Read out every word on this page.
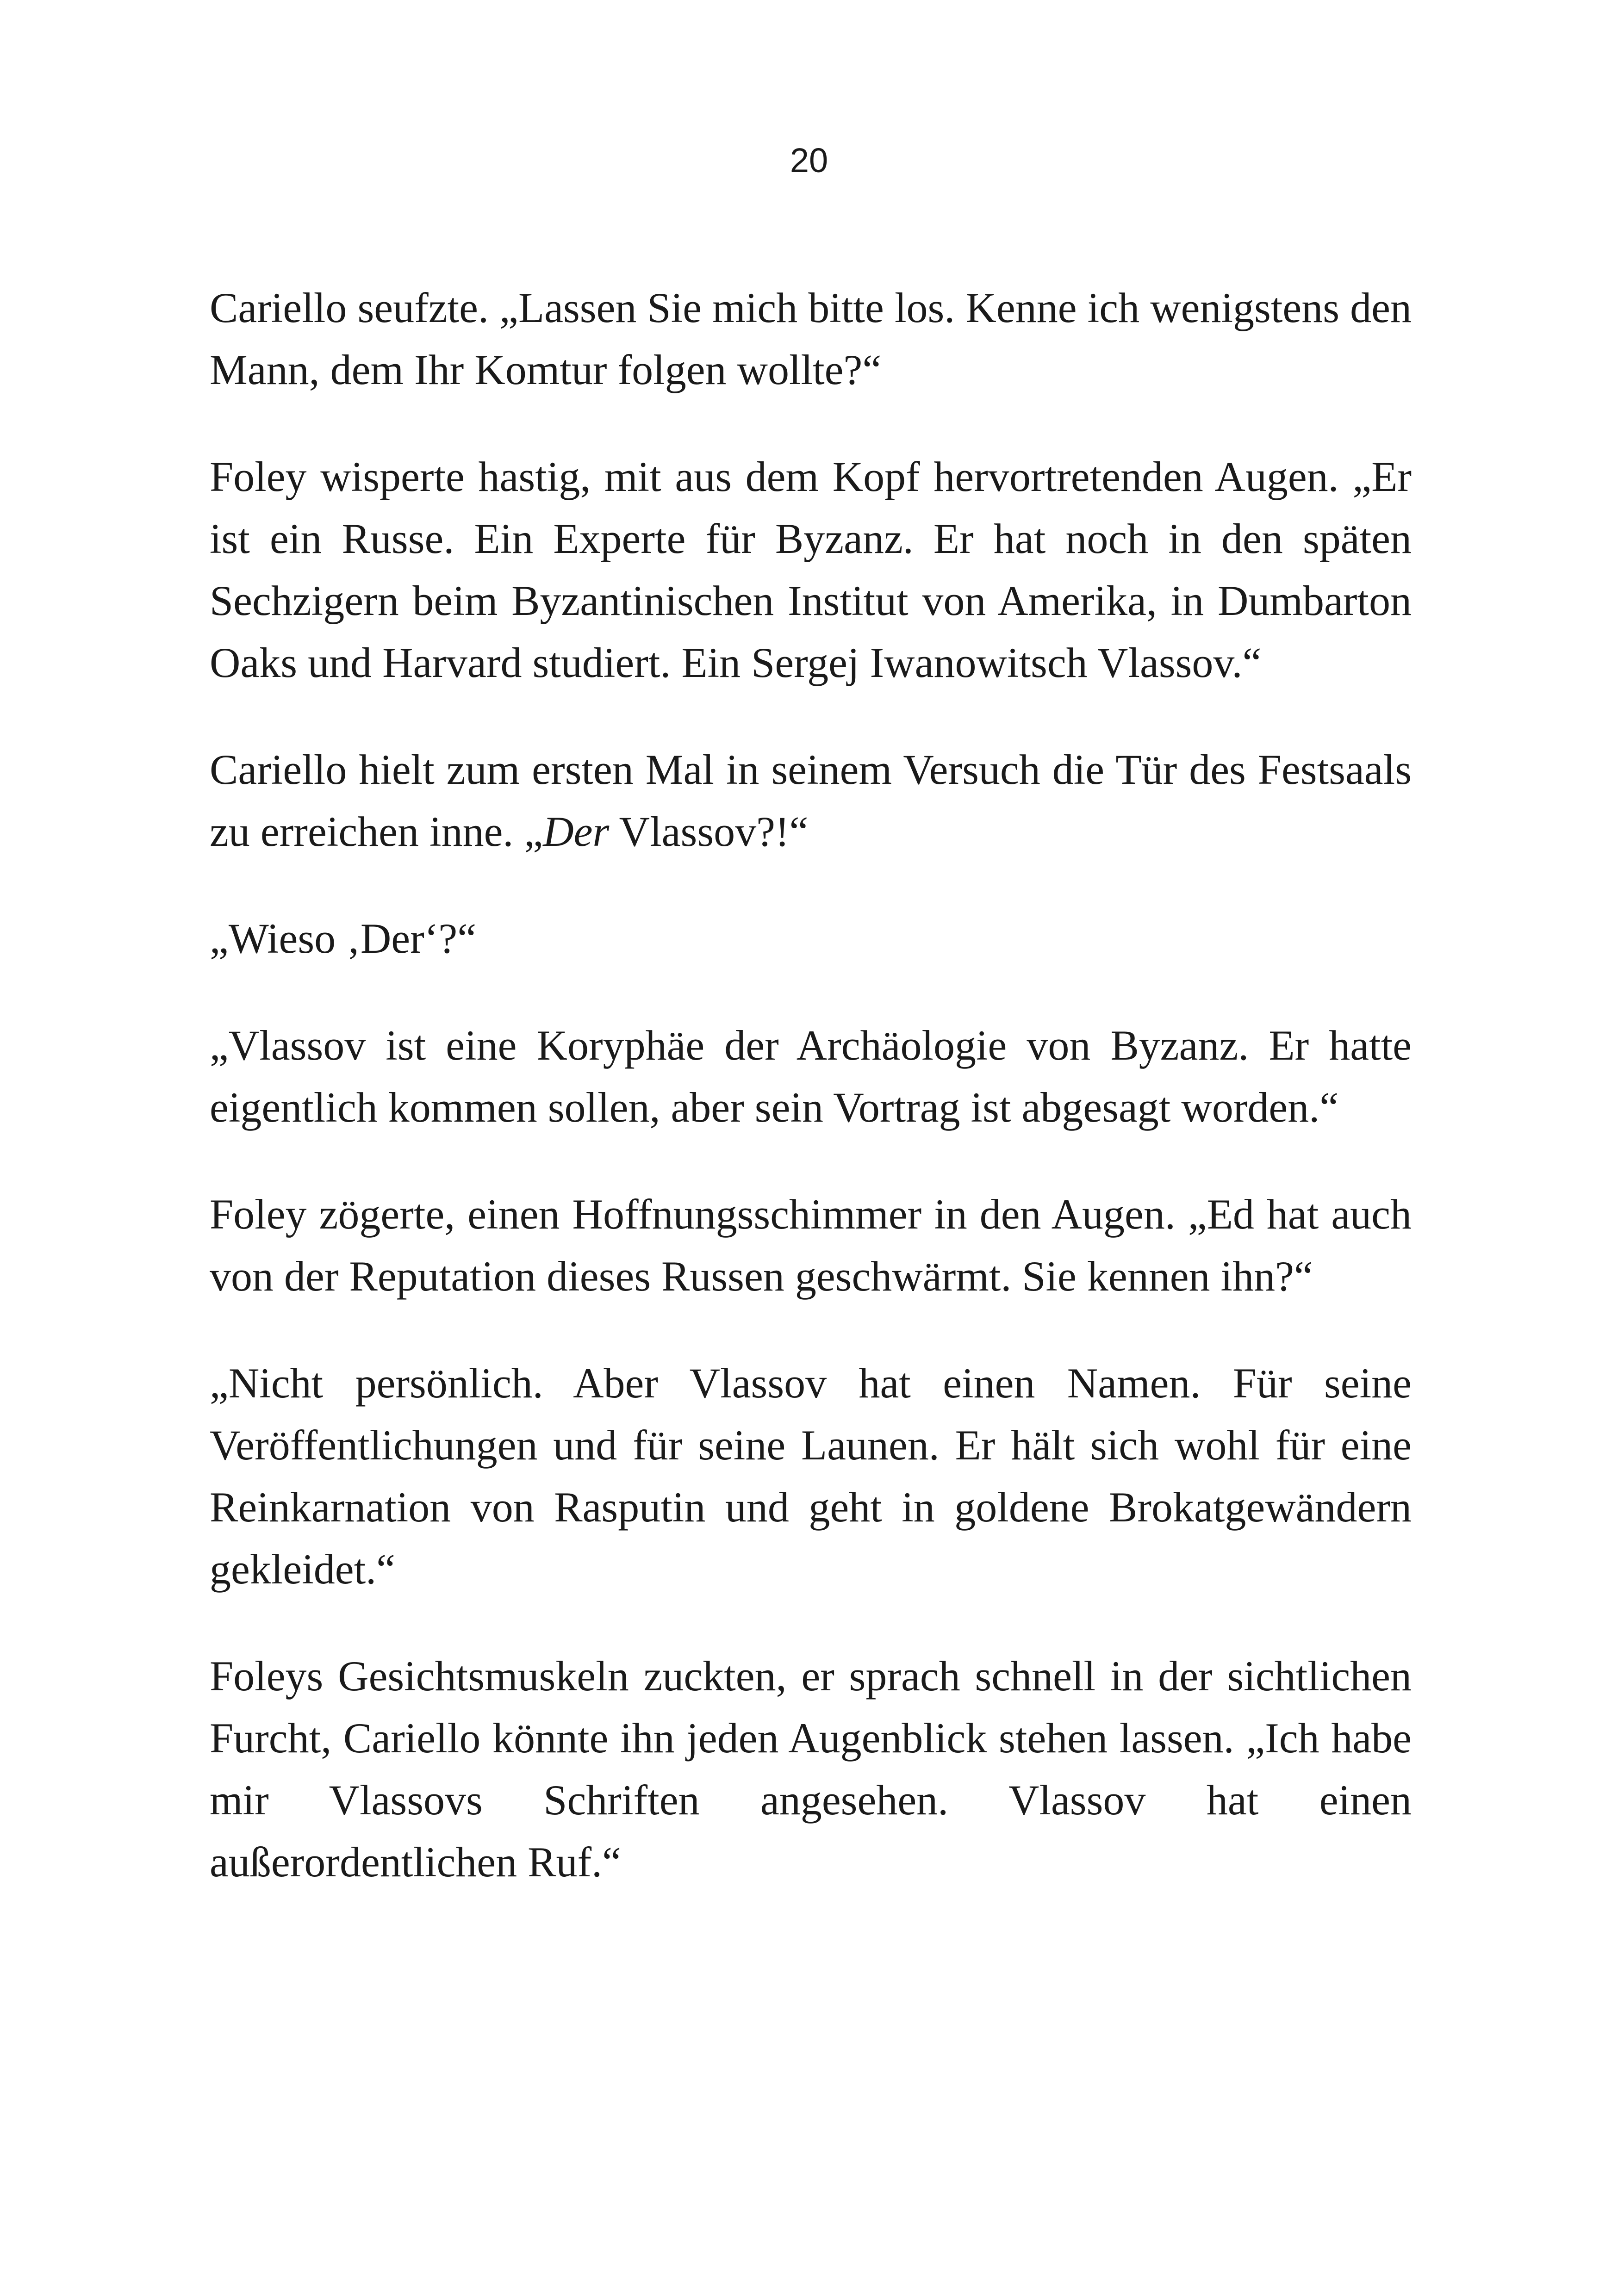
20

Cariello seufzte. „Lassen Sie mich bitte los. Kenne ich wenigstens den Mann, dem Ihr Komtur folgen wollte?“

Foley wisperte hastig, mit aus dem Kopf hervortretenden Augen. „Er ist ein Russe. Ein Experte für Byzanz. Er hat noch in den späten Sechzigern beim Byzantinischen Institut von Amerika, in Dumbarton Oaks und Harvard studiert. Ein Sergej Iwanowitsch Vlassov.“

Cariello hielt zum ersten Mal in seinem Versuch die Tür des Festsaals zu erreichen inne. „Der Vlassov?!“

„Wieso ‚Der‘?“

„Vlassov ist eine Koryphäe der Archäologie von Byzanz. Er hatte eigentlich kommen sollen, aber sein Vortrag ist abgesagt worden.“

Foley zögerte, einen Hoffnungsschimmer in den Augen. „Ed hat auch von der Reputation dieses Russen geschwärmt. Sie kennen ihn?“

„Nicht persönlich. Aber Vlassov hat einen Namen. Für seine Veröffentlichungen und für seine Launen. Er hält sich wohl für eine Reinkarnation von Rasputin und geht in goldene Brokatgewändern gekleidet.“

Foleys Gesichtsmuskeln zuckten, er sprach schnell in der sichtlichen Furcht, Cariello könnte ihn jeden Augenblick stehen lassen. „Ich habe mir Vlassovs Schriften angesehen. Vlassov hat einen außerordentlichen Ruf.“
